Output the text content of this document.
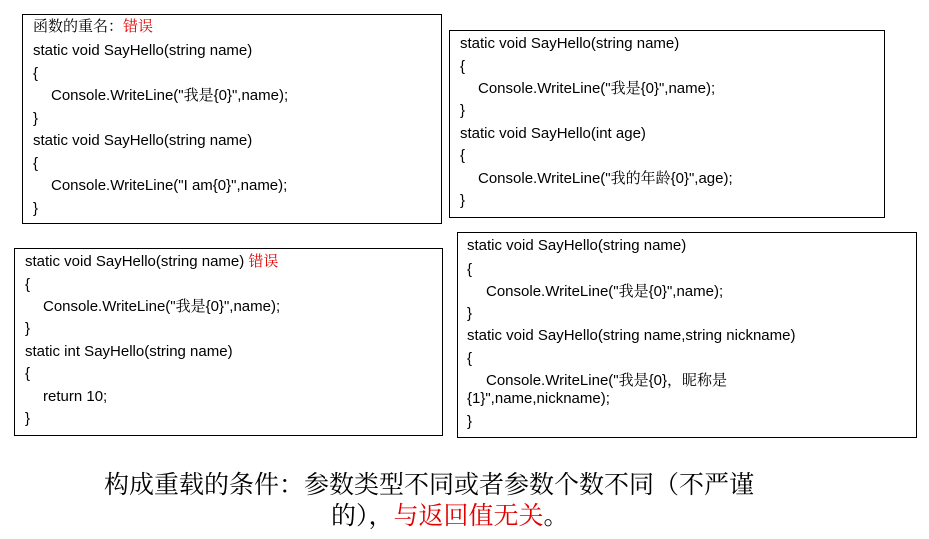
函数的重名：错误
static void SayHello(string name)
{
Console.WriteLine("我是{0}",name);
}
static void SayHello(string name)
{
Console.WriteLine("I am{0}",name);
}
static void SayHello(string name)
{
Console.WriteLine("我是{0}",name);
}
static void SayHello(int age)
{
Console.WriteLine("我的年龄{0}",age);
}
static void SayHello(string name) 错误
{
Console.WriteLine("我是{0}",name);
}
static int SayHello(string name)
{
return 10;
}
static void SayHello(string name)
{
Console.WriteLine("我是{0}",name);
}
static void SayHello(string name,string nickname)
{
Console.WriteLine("我是{0}，昵称是
{1}",name,nickname);
}
构成重载的条件：参数类型不同或者参数个数不同（不严谨
的），与返回值无关。
